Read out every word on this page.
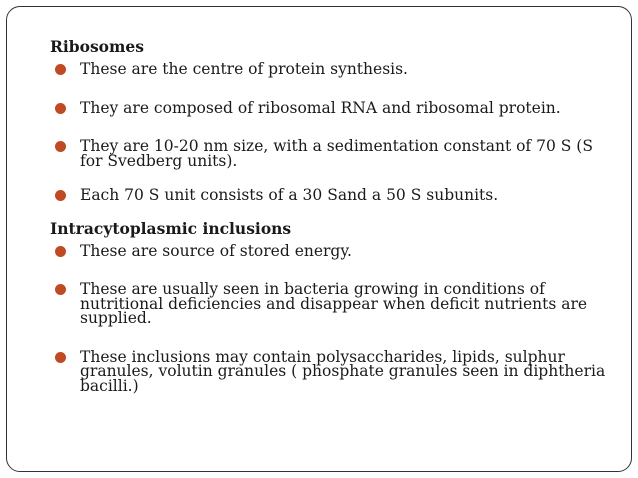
Ribosomes
These are the centre of protein synthesis.
They are composed of ribosomal RNA and ribosomal protein.
They are 10-20 nm size, with a sedimentation constant of 70 S (S for Svedberg units).
Each 70 S unit consists of a 30 Sand a 50 S subunits.
Intracytoplasmic inclusions
These are source of stored energy.
These are usually seen in bacteria growing in conditions of nutritional deficiencies and disappear when deficit nutrients are supplied.
These inclusions may contain polysaccharides, lipids, sulphur granules, volutin granules ( phosphate granules seen in diphtheria bacilli.)
